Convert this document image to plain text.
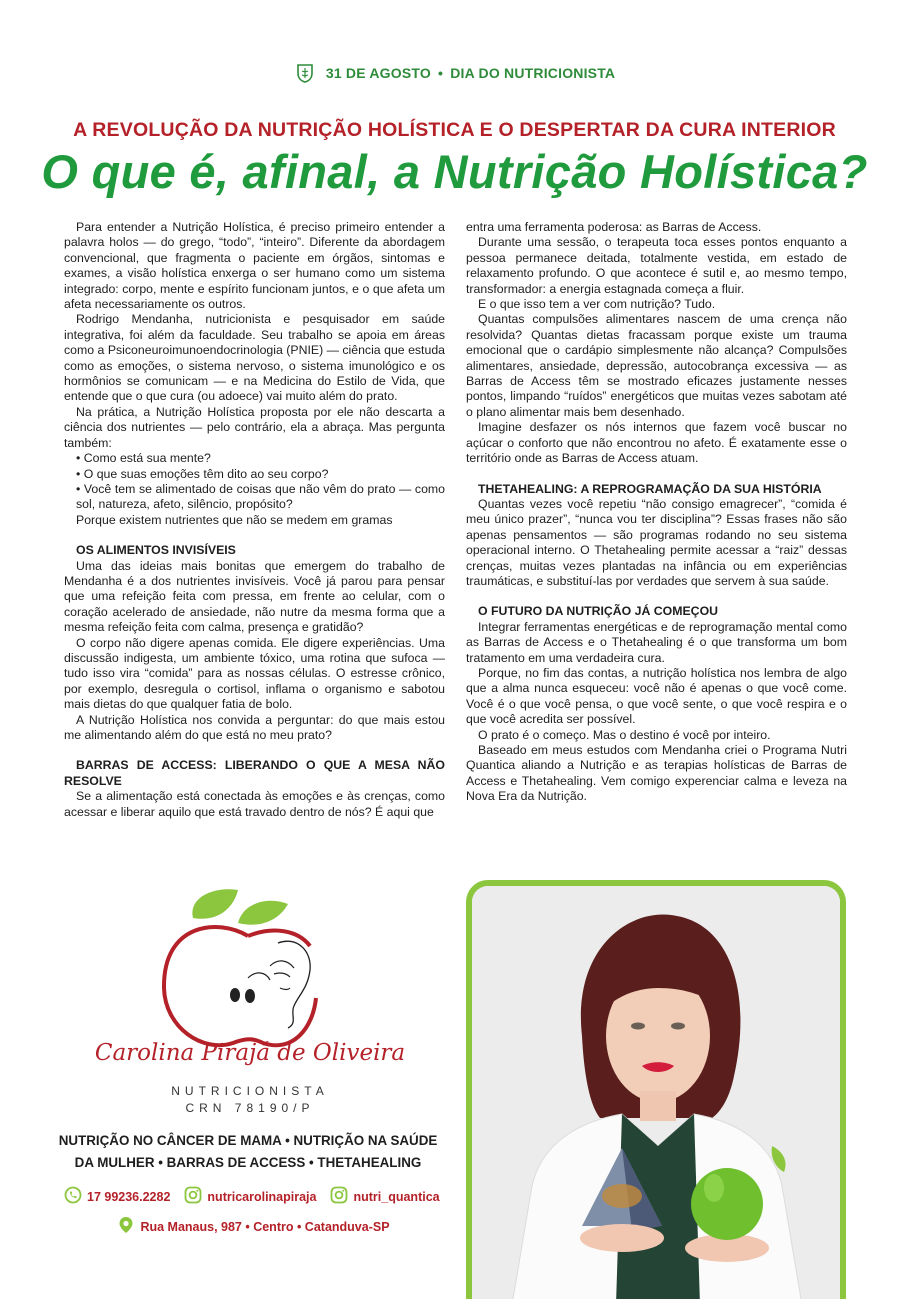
31 DE AGOSTO • DIA DO NUTRICIONISTA
A REVOLUÇÃO DA NUTRIÇÃO HOLÍSTICA E O DESPERTAR DA CURA INTERIOR
O que é, afinal, a Nutrição Holística?

Para entender a Nutrição Holística, é preciso primeiro entender a palavra holos — do grego, “todo”, “inteiro”. Diferente da abordagem convencional, que fragmenta o paciente em órgãos, sintomas e exames, a visão holística enxerga o ser humano como um sistema integrado: corpo, mente e espírito funcionam juntos, e o que afeta um afeta necessariamente os outros.

Rodrigo Mendanha, nutricionista e pesquisador em saúde integrativa, foi além da faculdade. Seu trabalho se apoia em áreas como a Psiconeuroimunoendocrinologia (PNIE) — ciência que estuda como as emoções, o sistema nervoso, o sistema imunológico e os hormônios se comunicam — e na Medicina do Estilo de Vida, que entende que o que cura (ou adoece) vai muito além do prato.

Na prática, a Nutrição Holística proposta por ele não descarta a ciência dos nutrientes — pelo contrário, ela a abraça. Mas pergunta também:

• Como está sua mente?

• O que suas emoções têm dito ao seu corpo?

• Você tem se alimentado de coisas que não vêm do prato — como sol, natureza, afeto, silêncio, propósito?

Porque existem nutrientes que não se medem em gramas

OS ALIMENTOS INVISÍVEIS

Uma das ideias mais bonitas que emergem do trabalho de Mendanha é a dos nutrientes invisíveis. Você já parou para pensar que uma refeição feita com pressa, em frente ao celular, com o coração acelerado de ansiedade, não nutre da mesma forma que a mesma refeição feita com calma, presença e gratidão?

O corpo não digere apenas comida. Ele digere experiências. Uma discussão indigesta, um ambiente tóxico, uma rotina que sufoca — tudo isso vira “comida” para as nossas células. O estresse crônico, por exemplo, desregula o cortisol, inflama o organismo e sabotou mais dietas do que qualquer fatia de bolo.

A Nutrição Holística nos convida a perguntar: do que mais estou me alimentando além do que está no meu prato?

BARRAS DE ACCESS: LIBERANDO O QUE A MESA NÃO RESOLVE

Se a alimentação está conectada às emoções e às crenças, como acessar e liberar aquilo que está travado dentro de nós? É aqui que

entra uma ferramenta poderosa: as Barras de Access.

Durante uma sessão, o terapeuta toca esses pontos enquanto a pessoa permanece deitada, totalmente vestida, em estado de relaxamento profundo. O que acontece é sutil e, ao mesmo tempo, transformador: a energia estagnada começa a fluir.

E o que isso tem a ver com nutrição? Tudo.

Quantas compulsões alimentares nascem de uma crença não resolvida? Quantas dietas fracassam porque existe um trauma emocional que o cardápio simplesmente não alcança? Compulsões alimentares, ansiedade, depressão, autocobrança excessiva — as Barras de Access têm se mostrado eficazes justamente nesses pontos, limpando “ruídos” energéticos que muitas vezes sabotam até o plano alimentar mais bem desenhado.

Imagine desfazer os nós internos que fazem você buscar no açúcar o conforto que não encontrou no afeto. É exatamente esse o território onde as Barras de Access atuam.

THETAHEALING: A REPROGRAMAÇÃO DA SUA HISTÓRIA

Quantas vezes você repetiu “não consigo emagrecer”, “comida é meu único prazer”, “nunca vou ter disciplina”? Essas frases não são apenas pensamentos — são programas rodando no seu sistema operacional interno. O Thetahealing permite acessar a “raiz” dessas crenças, muitas vezes plantadas na infância ou em experiências traumáticas, e substituí-las por verdades que servem à sua saúde.

O FUTURO DA NUTRIÇÃO JÁ COMEÇOU

Integrar ferramentas energéticas e de reprogramação mental como as Barras de Access e o Thetahealing é o que transforma um bom tratamento em uma verdadeira cura.

Porque, no fim das contas, a nutrição holística nos lembra de algo que a alma nunca esqueceu: você não é apenas o que você come. Você é o que você pensa, o que você sente, o que você respira e o que você acredita ser possível.

O prato é o começo. Mas o destino é você por inteiro.

Baseado em meus estudos com Mendanha criei o Programa Nutri Quantica aliando a Nutrição e as terapias holísticas de Barras de Access e Thetahealing. Vem comigo experenciar calma e leveza na Nova Era da Nutrição.

Carolina Pirajá de Oliveira
NUTRICIONISTA
CRN 78190/P
NUTRIÇÃO NO CÂNCER DE MAMA • NUTRIÇÃO NA SAÚDE
DA MULHER • BARRAS DE ACCESS • THETAHEALING
17 99236.2282	nutricarolinapiraja	nutri_quantica
Rua Manaus, 987 • Centro • Catanduva-SP
